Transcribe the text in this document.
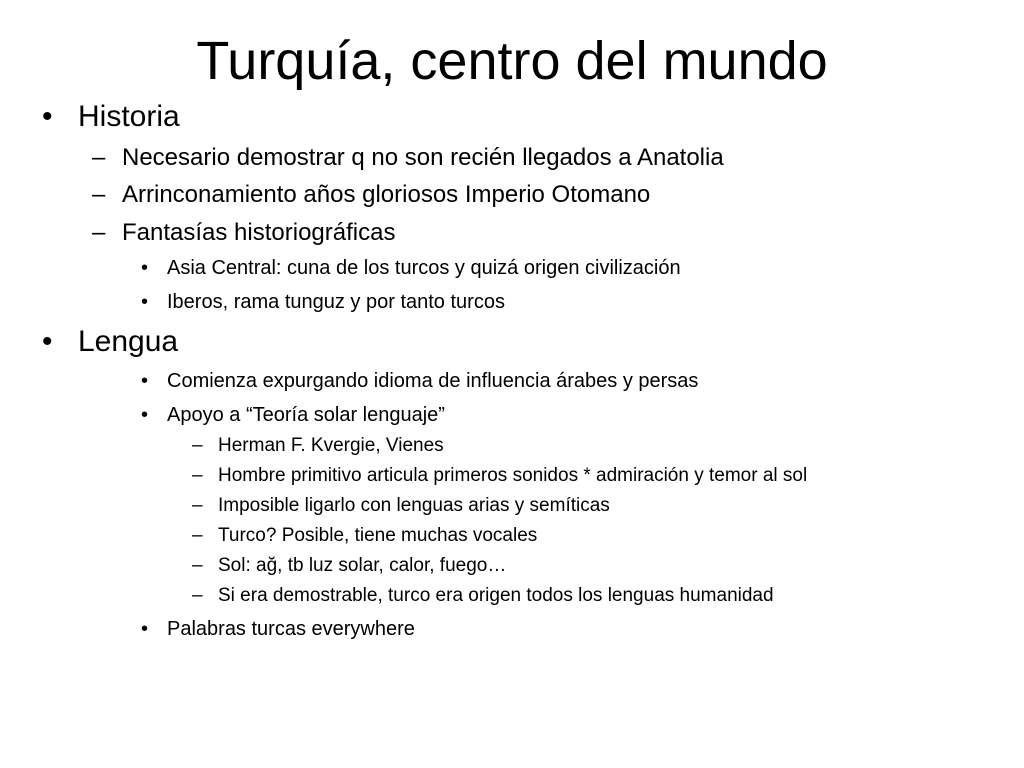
Turquía, centro del mundo
• Historia
– Necesario demostrar q no son recién llegados a Anatolia
– Arrinconamiento años gloriosos Imperio Otomano
– Fantasías historiográficas
• Asia Central: cuna de los turcos y quizá origen civilización
• Iberos, rama tunguz y por tanto turcos
• Lengua
• Comienza expurgando idioma de influencia árabes y persas
• Apoyo a “Teoría solar lenguaje”
– Herman F. Kvergie, Vienes
– Hombre primitivo articula primeros sonidos * admiración y temor al sol
– Imposible ligarlo con lenguas arias y semíticas
– Turco? Posible, tiene muchas vocales
– Sol: ağ, tb luz solar, calor, fuego…
– Si era demostrable, turco era origen todos los lenguas humanidad
• Palabras turcas everywhere
